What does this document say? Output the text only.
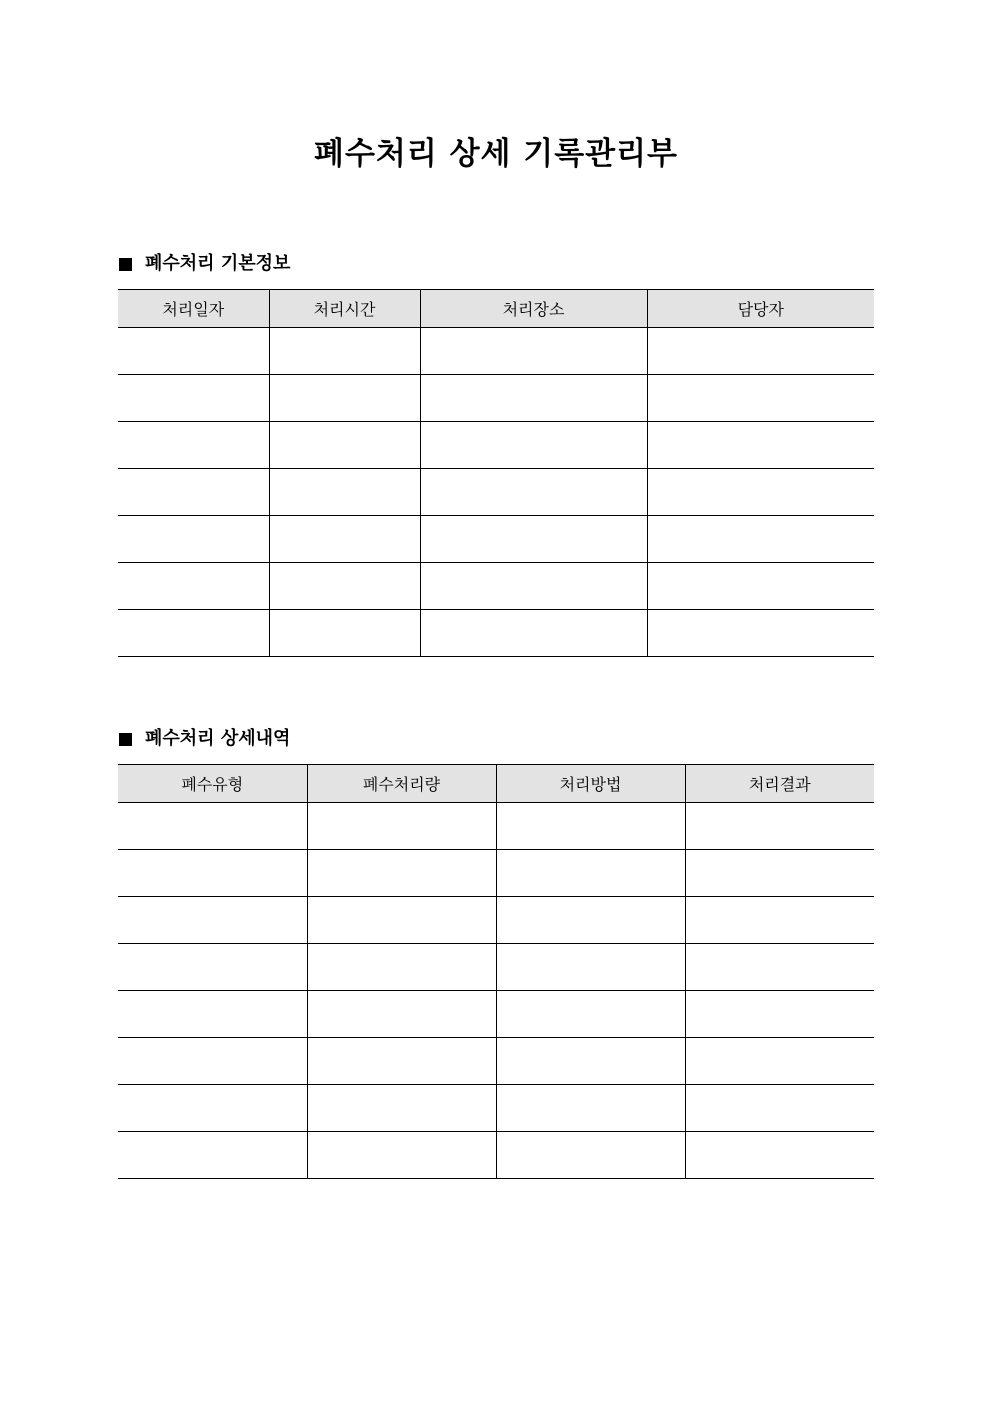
폐수처리 상세 기록관리부
폐수처리 기본정보
처리일자	처리시간	처리장소	담당자

폐수처리 상세내역
폐수유형	폐수처리량	처리방법	처리결과
